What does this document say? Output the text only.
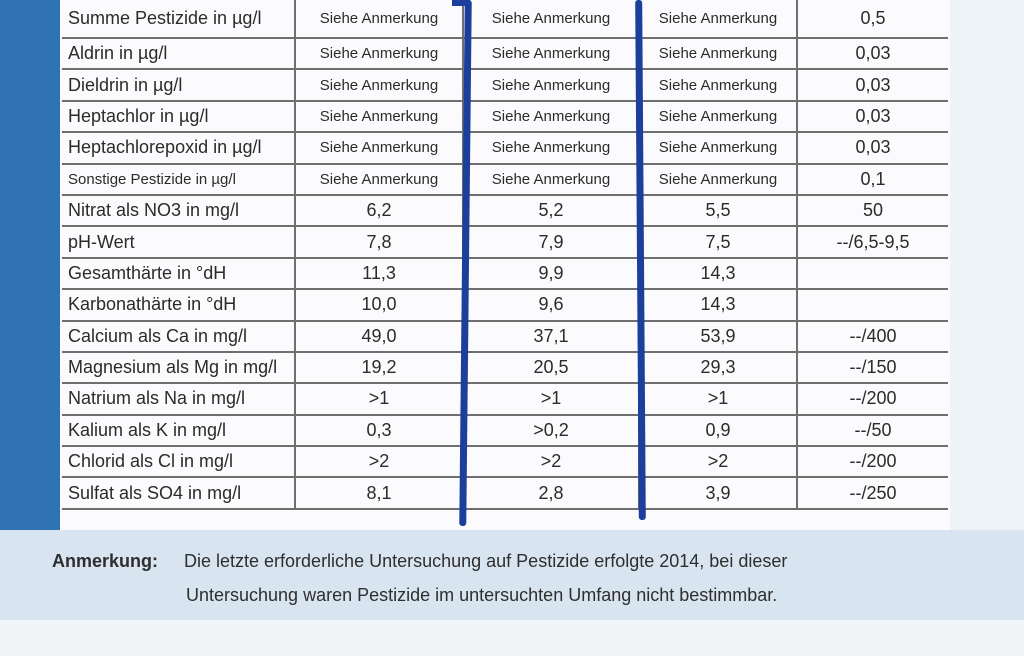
Summe Pestizide in µg/l	Siehe Anmerkung	Siehe Anmerkung	Siehe Anmerkung	0,5
Aldrin in µg/l	Siehe Anmerkung	Siehe Anmerkung	Siehe Anmerkung	0,03
Dieldrin in µg/l	Siehe Anmerkung	Siehe Anmerkung	Siehe Anmerkung	0,03
Heptachlor in µg/l	Siehe Anmerkung	Siehe Anmerkung	Siehe Anmerkung	0,03
Heptachlorepoxid in µg/l	Siehe Anmerkung	Siehe Anmerkung	Siehe Anmerkung	0,03
Sonstige Pestizide in µg/l	Siehe Anmerkung	Siehe Anmerkung	Siehe Anmerkung	0,1
Nitrat als NO3 in mg/l	6,2	5,2	5,5	50
pH-Wert	7,8	7,9	7,5	--/6,5-9,5
Gesamthärte in °dH	11,3	9,9	14,3	
Karbonathärte in °dH	10,0	9,6	14,3	
Calcium als Ca in mg/l	49,0	37,1	53,9	--/400
Magnesium als Mg in mg/l	19,2	20,5	29,3	--/150
Natrium als Na in mg/l	>1	>1	>1	--/200
Kalium als K in mg/l	0,3	>0,2	0,9	--/50
Chlorid als Cl in mg/l	>2	>2	>2	--/200
Sulfat als SO4 in mg/l	8,1	2,8	3,9	--/250
Anmerkung: Die letzte erforderliche Untersuchung auf Pestizide erfolgte 2014, bei dieser
Untersuchung waren Pestizide im untersuchten Umfang nicht bestimmbar.
